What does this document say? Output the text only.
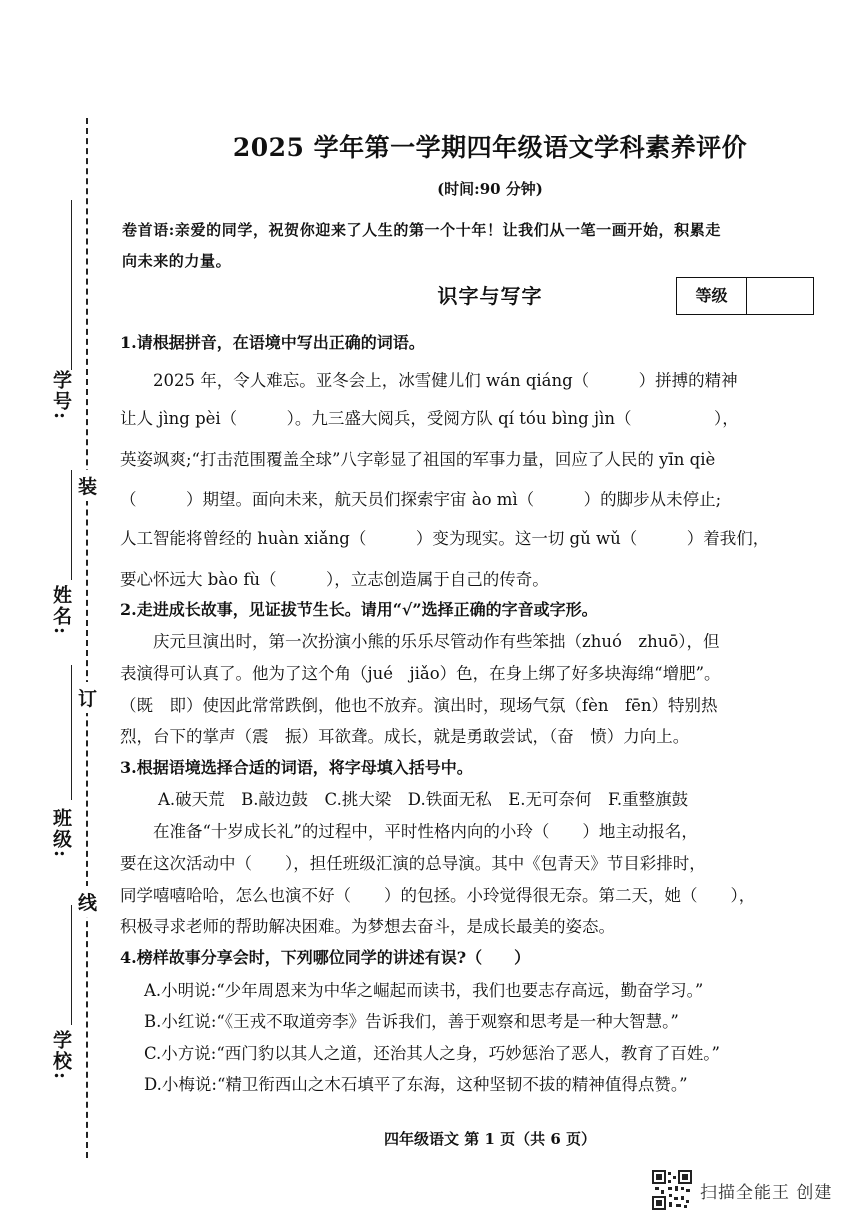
学号:
姓名:
班级:
学校:
装
订
线
2025 学年第一学期四年级语文学科素养评价
(时间:90 分钟)
卷首语:亲爱的同学，祝贺你迎来了人生的第一个十年！让我们从一笔一画开始，积累走
向未来的力量。
识字与写字	等级
1.请根据拼音，在语境中写出正确的词语。
　　2025 年，令人难忘。亚冬会上，冰雪健儿们 wán qiáng（　　　）拼搏的精神
让人 jìng pèi（　　　）。九三盛大阅兵，受阅方队 qí tóu bìng jìn（　　　　　），
英姿飒爽;“打击范围覆盖全球”八字彰显了祖国的军事力量，回应了人民的 yīn qiè
（　　　）期望。面向未来，航天员们探索宇宙 ào mì（　　　）的脚步从未停止;
人工智能将曾经的 huàn xiǎng（　　　）变为现实。这一切 gǔ wǔ（　　　）着我们，
要心怀远大 bào fù（　　　），立志创造属于自己的传奇。
2.走进成长故事，见证拔节生长。请用“√”选择正确的字音或字形。
　　庆元旦演出时，第一次扮演小熊的乐乐尽管动作有些笨拙（zhuó　zhuō），但
表演得可认真了。他为了这个角（jué　jiǎo）色，在身上绑了好多块海绵“增肥”。
（既　即）使因此常常跌倒，他也不放弃。演出时，现场气氛（fèn　fēn）特别热
烈，台下的掌声（震　振）耳欲聋。成长，就是勇敢尝试，（奋　愤）力向上。
3.根据语境选择合适的词语，将字母填入括号中。
A.破天荒　B.敲边鼓　C.挑大梁　D.铁面无私　E.无可奈何　F.重整旗鼓
　　在准备“十岁成长礼”的过程中，平时性格内向的小玲（　　）地主动报名，
要在这次活动中（　　），担任班级汇演的总导演。其中《包青天》节目彩排时，
同学嘻嘻哈哈，怎么也演不好（　　）的包拯。小玲觉得很无奈。第二天，她（　　），
积极寻求老师的帮助解决困难。为梦想去奋斗，是成长最美的姿态。
4.榜样故事分享会时，下列哪位同学的讲述有误?（　　）
A.小明说:“少年周恩来为中华之崛起而读书，我们也要志存高远，勤奋学习。”
B.小红说:“《王戎不取道旁李》告诉我们，善于观察和思考是一种大智慧。”
C.小方说:“西门豹以其人之道，还治其人之身，巧妙惩治了恶人，教育了百姓。”
D.小梅说:“精卫衔西山之木石填平了东海，这种坚韧不拔的精神值得点赞。”
四年级语文 第 1 页（共 6 页）
扫描全能王 创建
